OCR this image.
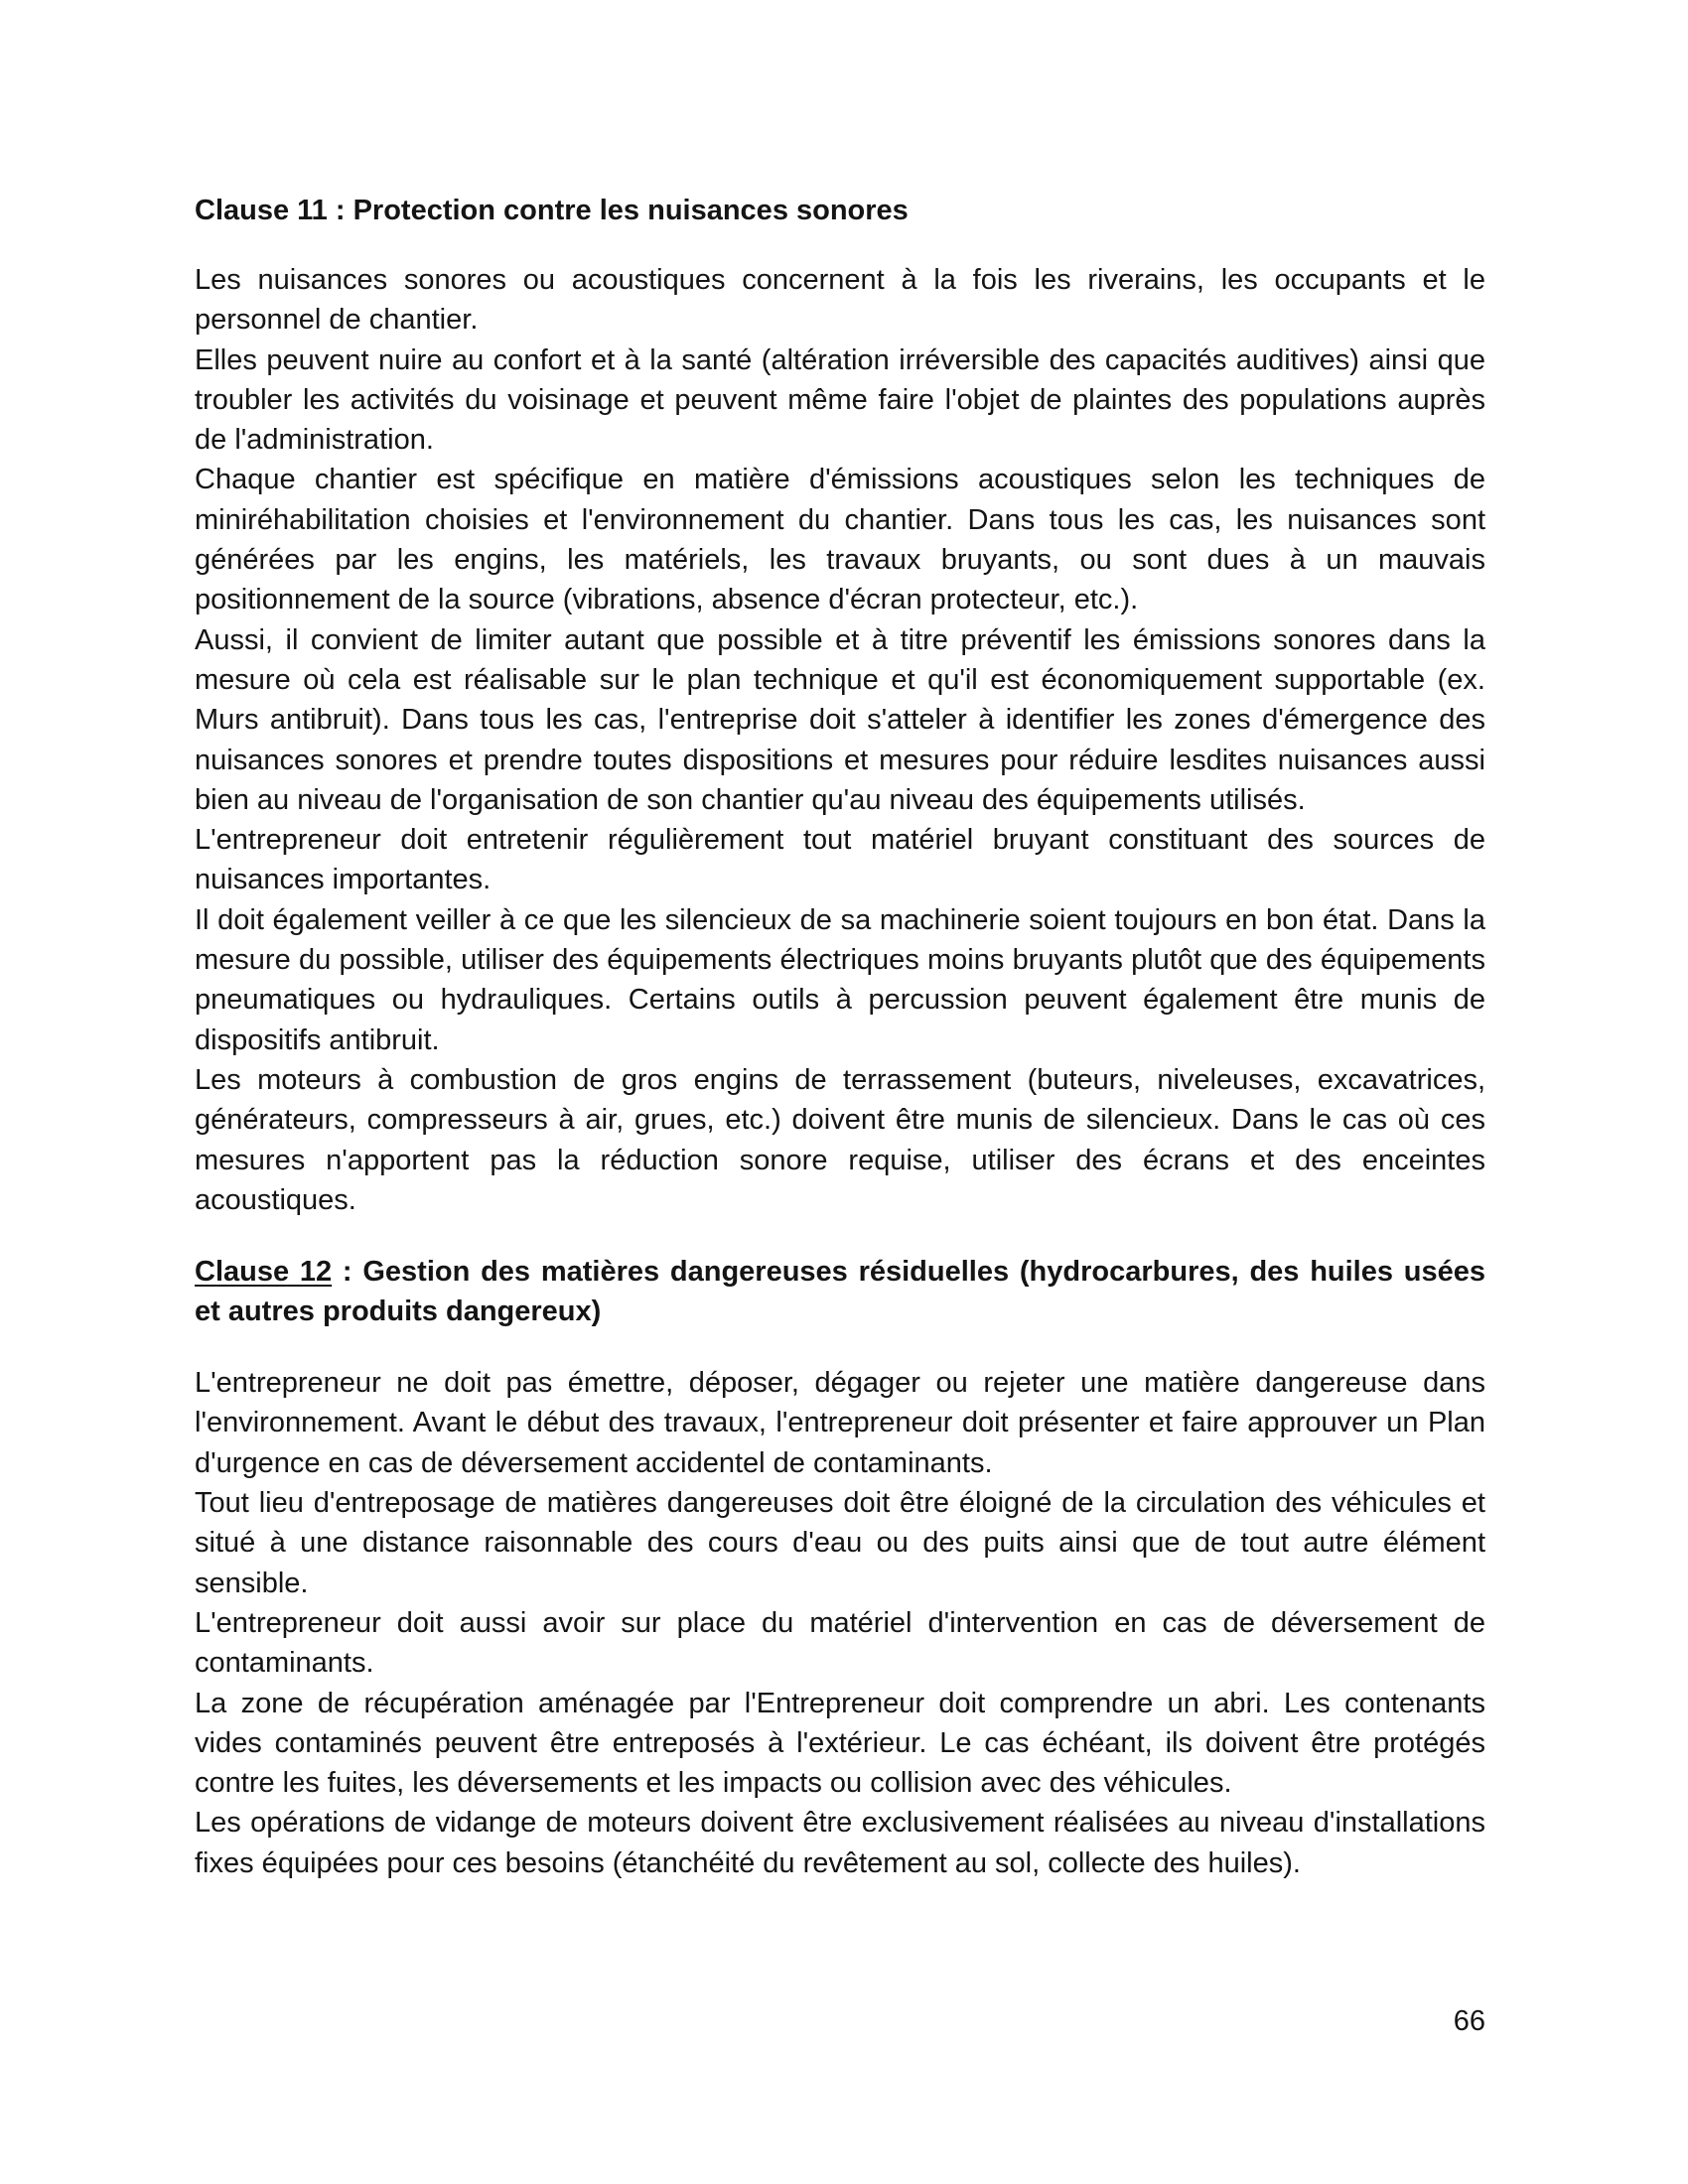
Clause 11 : Protection contre les nuisances sonores

Les nuisances sonores ou acoustiques concernent à la fois les riverains, les occupants et le personnel de chantier.

Elles peuvent nuire au confort et à la santé (altération irréversible des capacités auditives) ainsi que troubler les activités du voisinage et peuvent même faire l'objet de plaintes des populations auprès de l'administration.

Chaque chantier est spécifique en matière d'émissions acoustiques selon les techniques de miniréhabilitation choisies et l'environnement du chantier. Dans tous les cas, les nuisances sont générées par les engins, les matériels, les travaux bruyants, ou sont dues à un mauvais positionnement de la source (vibrations, absence d'écran protecteur, etc.).

Aussi, il convient de limiter autant que possible et à titre préventif les émissions sonores dans la mesure où cela est réalisable sur le plan technique et qu'il est économiquement supportable (ex. Murs antibruit). Dans tous les cas, l'entreprise doit s'atteler à identifier les zones d'émergence des nuisances sonores et prendre toutes dispositions et mesures pour réduire lesdites nuisances aussi bien au niveau de l'organisation de son chantier qu'au niveau des équipements utilisés.

L'entrepreneur doit entretenir régulièrement tout matériel bruyant constituant des sources de nuisances importantes.

Il doit également veiller à ce que les silencieux de sa machinerie soient toujours en bon état. Dans la mesure du possible, utiliser des équipements électriques moins bruyants plutôt que des équipements pneumatiques ou hydrauliques. Certains outils à percussion peuvent également être munis de dispositifs antibruit.

Les moteurs à combustion de gros engins de terrassement (buteurs, niveleuses, excavatrices, générateurs, compresseurs à air, grues, etc.) doivent être munis de silencieux. Dans le cas où ces mesures n'apportent pas la réduction sonore requise, utiliser des écrans et des enceintes acoustiques.

Clause 12 : Gestion des matières dangereuses résiduelles (hydrocarbures, des huiles usées et autres produits dangereux)

L'entrepreneur ne doit pas émettre, déposer, dégager ou rejeter une matière dangereuse dans l'environnement. Avant le début des travaux, l'entrepreneur doit présenter et faire approuver un Plan d'urgence en cas de déversement accidentel de contaminants.

Tout lieu d'entreposage de matières dangereuses doit être éloigné de la circulation des véhicules et situé à une distance raisonnable des cours d'eau ou des puits ainsi que de tout autre élément sensible.

L'entrepreneur doit aussi avoir sur place du matériel d'intervention en cas de déversement de contaminants.

La zone de récupération aménagée par l'Entrepreneur doit comprendre un abri. Les contenants vides contaminés peuvent être entreposés à l'extérieur. Le cas échéant, ils doivent être protégés contre les fuites, les déversements et les impacts ou collision avec des véhicules.

Les opérations de vidange de moteurs doivent être exclusivement réalisées au niveau d'installations fixes équipées pour ces besoins (étanchéité du revêtement au sol, collecte des huiles).

66
